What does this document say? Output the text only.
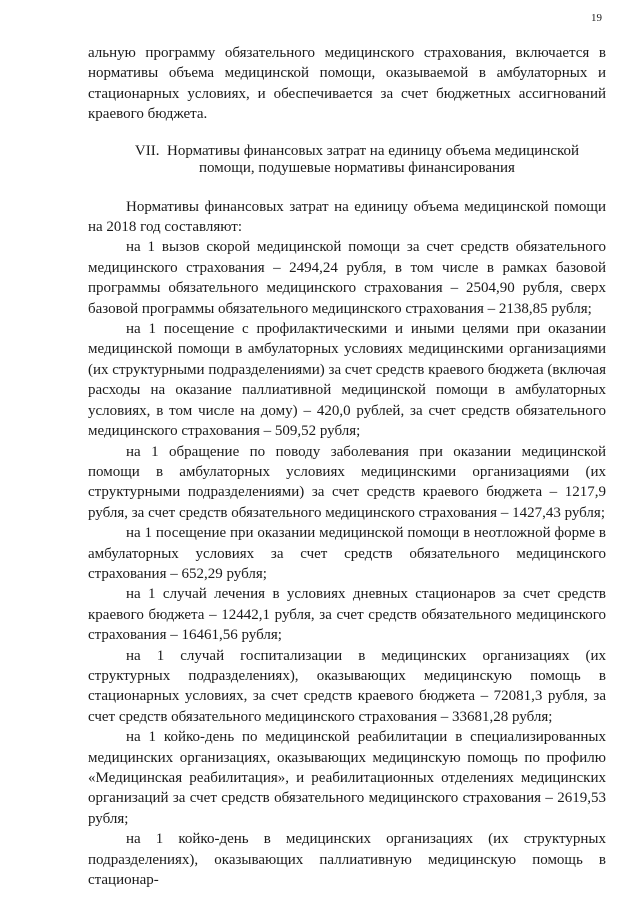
19

альную программу обязательного медицинского страхования, включается в нормативы объема медицинской помощи, оказываемой в амбулаторных и стационарных условиях, и обеспечивается за счет бюджетных ассигнований краевого бюджета.

VII. Нормативы финансовых затрат на единицу объема медицинской
помощи, подушевые нормативы финансирования

Нормативы финансовых затрат на единицу объема медицинской помощи на 2018 год составляют:

на 1 вызов скорой медицинской помощи за счет средств обязательного медицинского страхования – 2494,24 рубля, в том числе в рамках базовой программы обязательного медицинского страхования – 2504,90 рубля, сверх базовой программы обязательного медицинского страхования – 2138,85 рубля;

на 1 посещение с профилактическими и иными целями при оказании медицинской помощи в амбулаторных условиях медицинскими организациями (их структурными подразделениями) за счет средств краевого бюджета (включая расходы на оказание паллиативной медицинской помощи в амбулаторных условиях, в том числе на дому) – 420,0 рублей, за счет средств обязательного медицинского страхования – 509,52 рубля;

на 1 обращение по поводу заболевания при оказании медицинской помощи в амбулаторных условиях медицинскими организациями (их структурными подразделениями) за счет средств краевого бюджета – 1217,9 рубля, за счет средств обязательного медицинского страхования – 1427,43 рубля;

на 1 посещение при оказании медицинской помощи в неотложной форме в амбулаторных условиях за счет средств обязательного медицинского страхования – 652,29 рубля;

на 1 случай лечения в условиях дневных стационаров за счет средств краевого бюджета – 12442,1 рубля, за счет средств обязательного медицинского страхования – 16461,56 рубля;

на 1 случай госпитализации в медицинских организациях (их структурных подразделениях), оказывающих медицинскую помощь в стационарных условиях, за счет средств краевого бюджета – 72081,3 рубля, за счет средств обязательного медицинского страхования – 33681,28 рубля;

на 1 койко-день по медицинской реабилитации в специализированных медицинских организациях, оказывающих медицинскую помощь по профилю «Медицинская реабилитация», и реабилитационных отделениях медицинских организаций за счет средств обязательного медицинского страхования – 2619,53 рубля;

на 1 койко-день в медицинских организациях (их структурных подразделениях), оказывающих паллиативную медицинскую помощь в стационар-
